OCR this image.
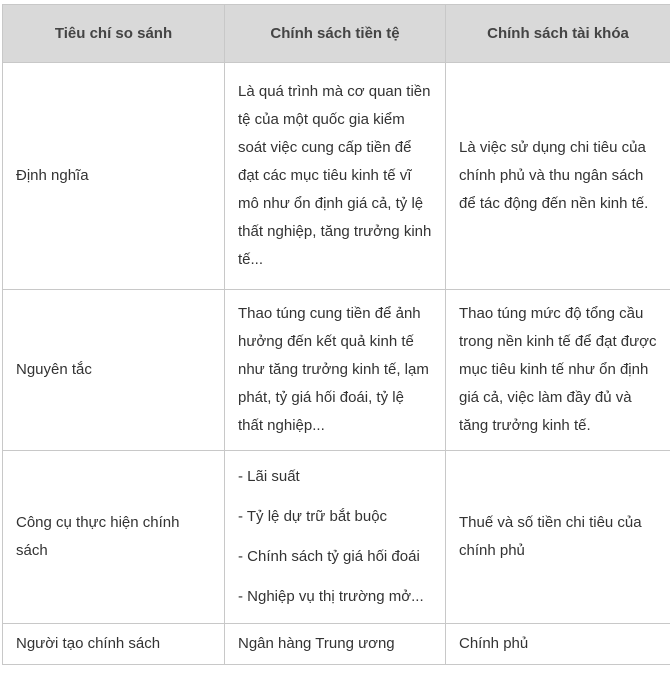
Tiêu chí so sánh	Chính sách tiền tệ	Chính sách tài khóa
Định nghĩa	Là quá trình mà cơ quan tiền tệ của một quốc gia kiểm soát việc cung cấp tiền để đạt các mục tiêu kinh tế vĩ mô như ổn định giá cả, tỷ lệ thất nghiệp, tăng trưởng kinh tế...	Là việc sử dụng chi tiêu của chính phủ và thu ngân sách để tác động đến nền kinh tế.
Nguyên tắc	Thao túng cung tiền để ảnh hưởng đến kết quả kinh tế như tăng trưởng kinh tế, lạm phát, tỷ giá hối đoái, tỷ lệ thất nghiệp...	Thao túng mức độ tổng cầu trong nền kinh tế để đạt được mục tiêu kinh tế như ổn định giá cả, việc làm đầy đủ và tăng trưởng kinh tế.
Công cụ thực hiện chính sách	- Lãi suất
- Tỷ lệ dự trữ bắt buộc
- Chính sách tỷ giá hối đoái
- Nghiệp vụ thị trường mở...	Thuế và số tiền chi tiêu của chính phủ
Người tạo chính sách	Ngân hàng Trung ương	Chính phủ
